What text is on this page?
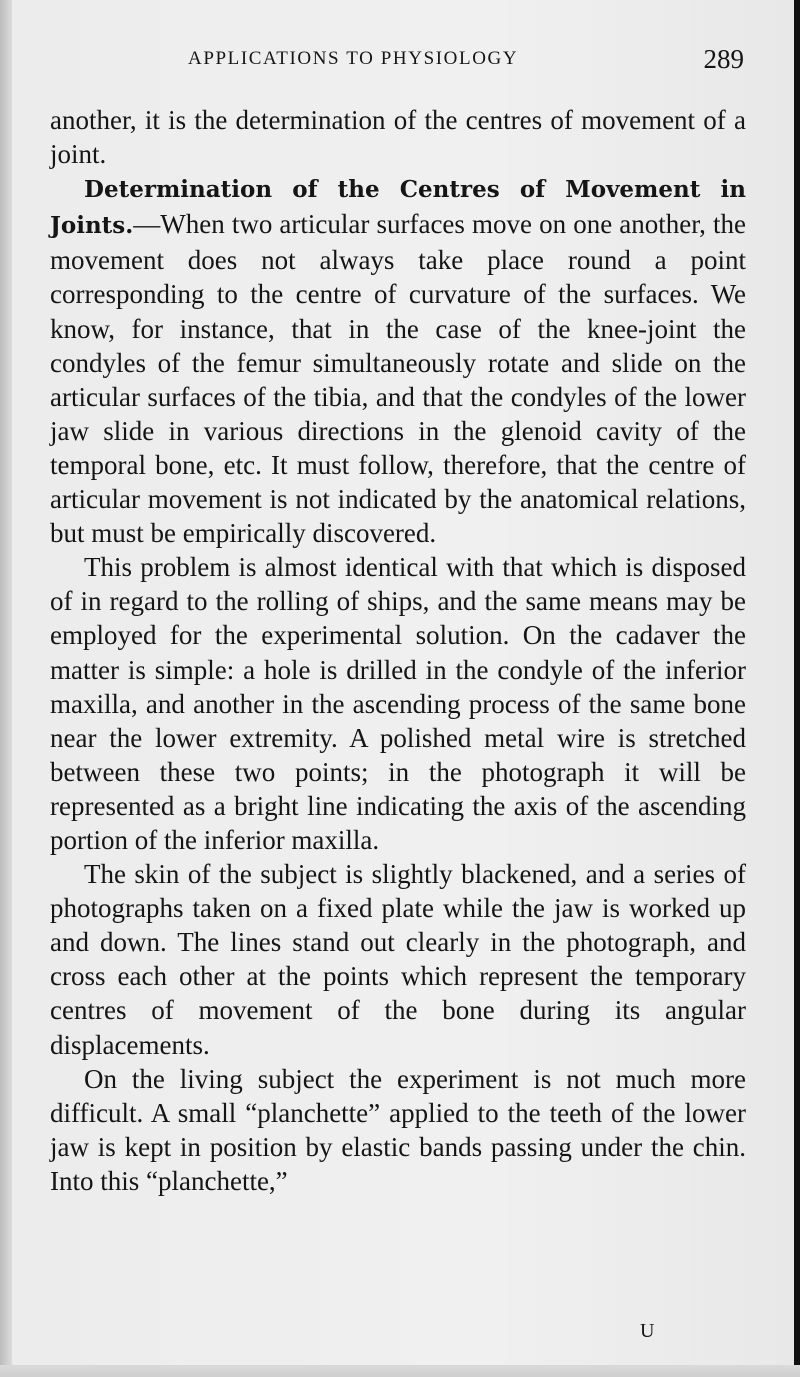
APPLICATIONS TO PHYSIOLOGY	289

another, it is the determination of the centres of movement of a joint.

Determination of the Centres of Movement in Joints.—When two articular surfaces move on one another, the movement does not always take place round a point corresponding to the centre of curvature of the surfaces. We know, for instance, that in the case of the knee-joint the condyles of the femur simultaneously rotate and slide on the articular surfaces of the tibia, and that the condyles of the lower jaw slide in various directions in the glenoid cavity of the temporal bone, etc. It must follow, therefore, that the centre of articular movement is not indicated by the anatomical relations, but must be empirically discovered.

This problem is almost identical with that which is disposed of in regard to the rolling of ships, and the same means may be employed for the experimental solution. On the cadaver the matter is simple: a hole is drilled in the condyle of the inferior maxilla, and another in the ascending process of the same bone near the lower extremity. A polished metal wire is stretched between these two points; in the photograph it will be represented as a bright line indicating the axis of the ascending portion of the inferior maxilla.

The skin of the subject is slightly blackened, and a series of photographs taken on a fixed plate while the jaw is worked up and down. The lines stand out clearly in the photograph, and cross each other at the points which represent the temporary centres of movement of the bone during its angular displacements.

On the living subject the experiment is not much more difficult. A small “planchette” applied to the teeth of the lower jaw is kept in position by elastic bands passing under the chin. Into this “planchette,”

U
